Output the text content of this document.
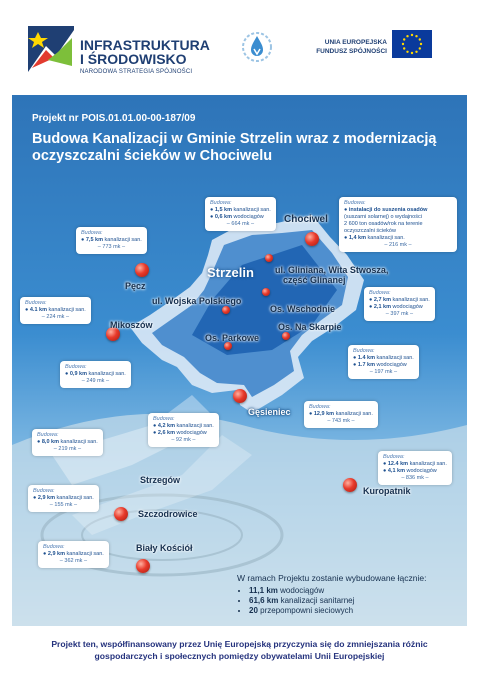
INFRASTRUKTURA
I ŚRODOWISKO
NARODOWA STRATEGIA SPÓJNOŚCI
UNIA EUROPEJSKA
FUNDUSZ SPÓJNOŚCI
Projekt nr POIS.01.01.00-00-187/09
Budowa Kanalizacji w Gminie Strzelin wraz z modernizacją oczyszczalni ścieków w Chociwelu
Budowa:
● 1,5 km kanalizacji san.
● 0,6 km wodociągów
– 664 mk –
Budowa:
● instalacji do suszenia osadów
(suszarni solarnej) o wydajności
2 600 ton osadów/rok na terenie
oczyszczalni ścieków
● 1,4 km kanalizacji san.
– 216 mk –
Budowa:
● 7,5 km kanalizacji san.
– 773 mk –
Budowa:
● 4.1 km kanalizacji san.
– 224 mk –
Budowa:
● 2,7 km kanalizacji san.
● 2,1 km wodociągów
– 397 mk –
Budowa:
● 1.4 km kanalizacji san.
● 1.7 km wodociągów
– 197 mk –
Budowa:
● 0,9 km kanalizacji san.
– 249 mk –
Budowa:
● 4,2 km kanalizacji san.
● 2,6 km wodociągów
– 92 mk –
Budowa:
● 12,9 km kanalizacji san.
– 743 mk –
Budowa:
● 8,0 km kanalizacji san.
– 219 mk –
Budowa:
● 2,9 km kanalizacji san.
– 155 mk –
Budowa:
● 2,9 km kanalizacji san.
– 362 mk –
Budowa:
● 12.4 km kanalizacji san.
● 4,1 km wodociągów
– 836 mk –
Chociwel
Strzelin ul. Gliniana, Wita Stwosza,
część Glinanej
Pęcz
ul. Wojska Polskiego
Os. Wschodnie
Mikoszów	Os. Na Skarpie
Os. Parkowe
Gęsieniec
Strzegów
Szczodrowice
Kuropatnik
Biały Kościół
W ramach Projektu zostanie wybudowane łącznie:
• 11,1 km wodociągów
• 61,6 km kanalizacji sanitarnej
• 20 przepompowni sieciowych
Projekt ten, współfinansowany przez Unię Europejską przyczynia się do zmniejszania różnic
gospodarczych i społecznych pomiędzy obywatelami Unii Europejskiej
